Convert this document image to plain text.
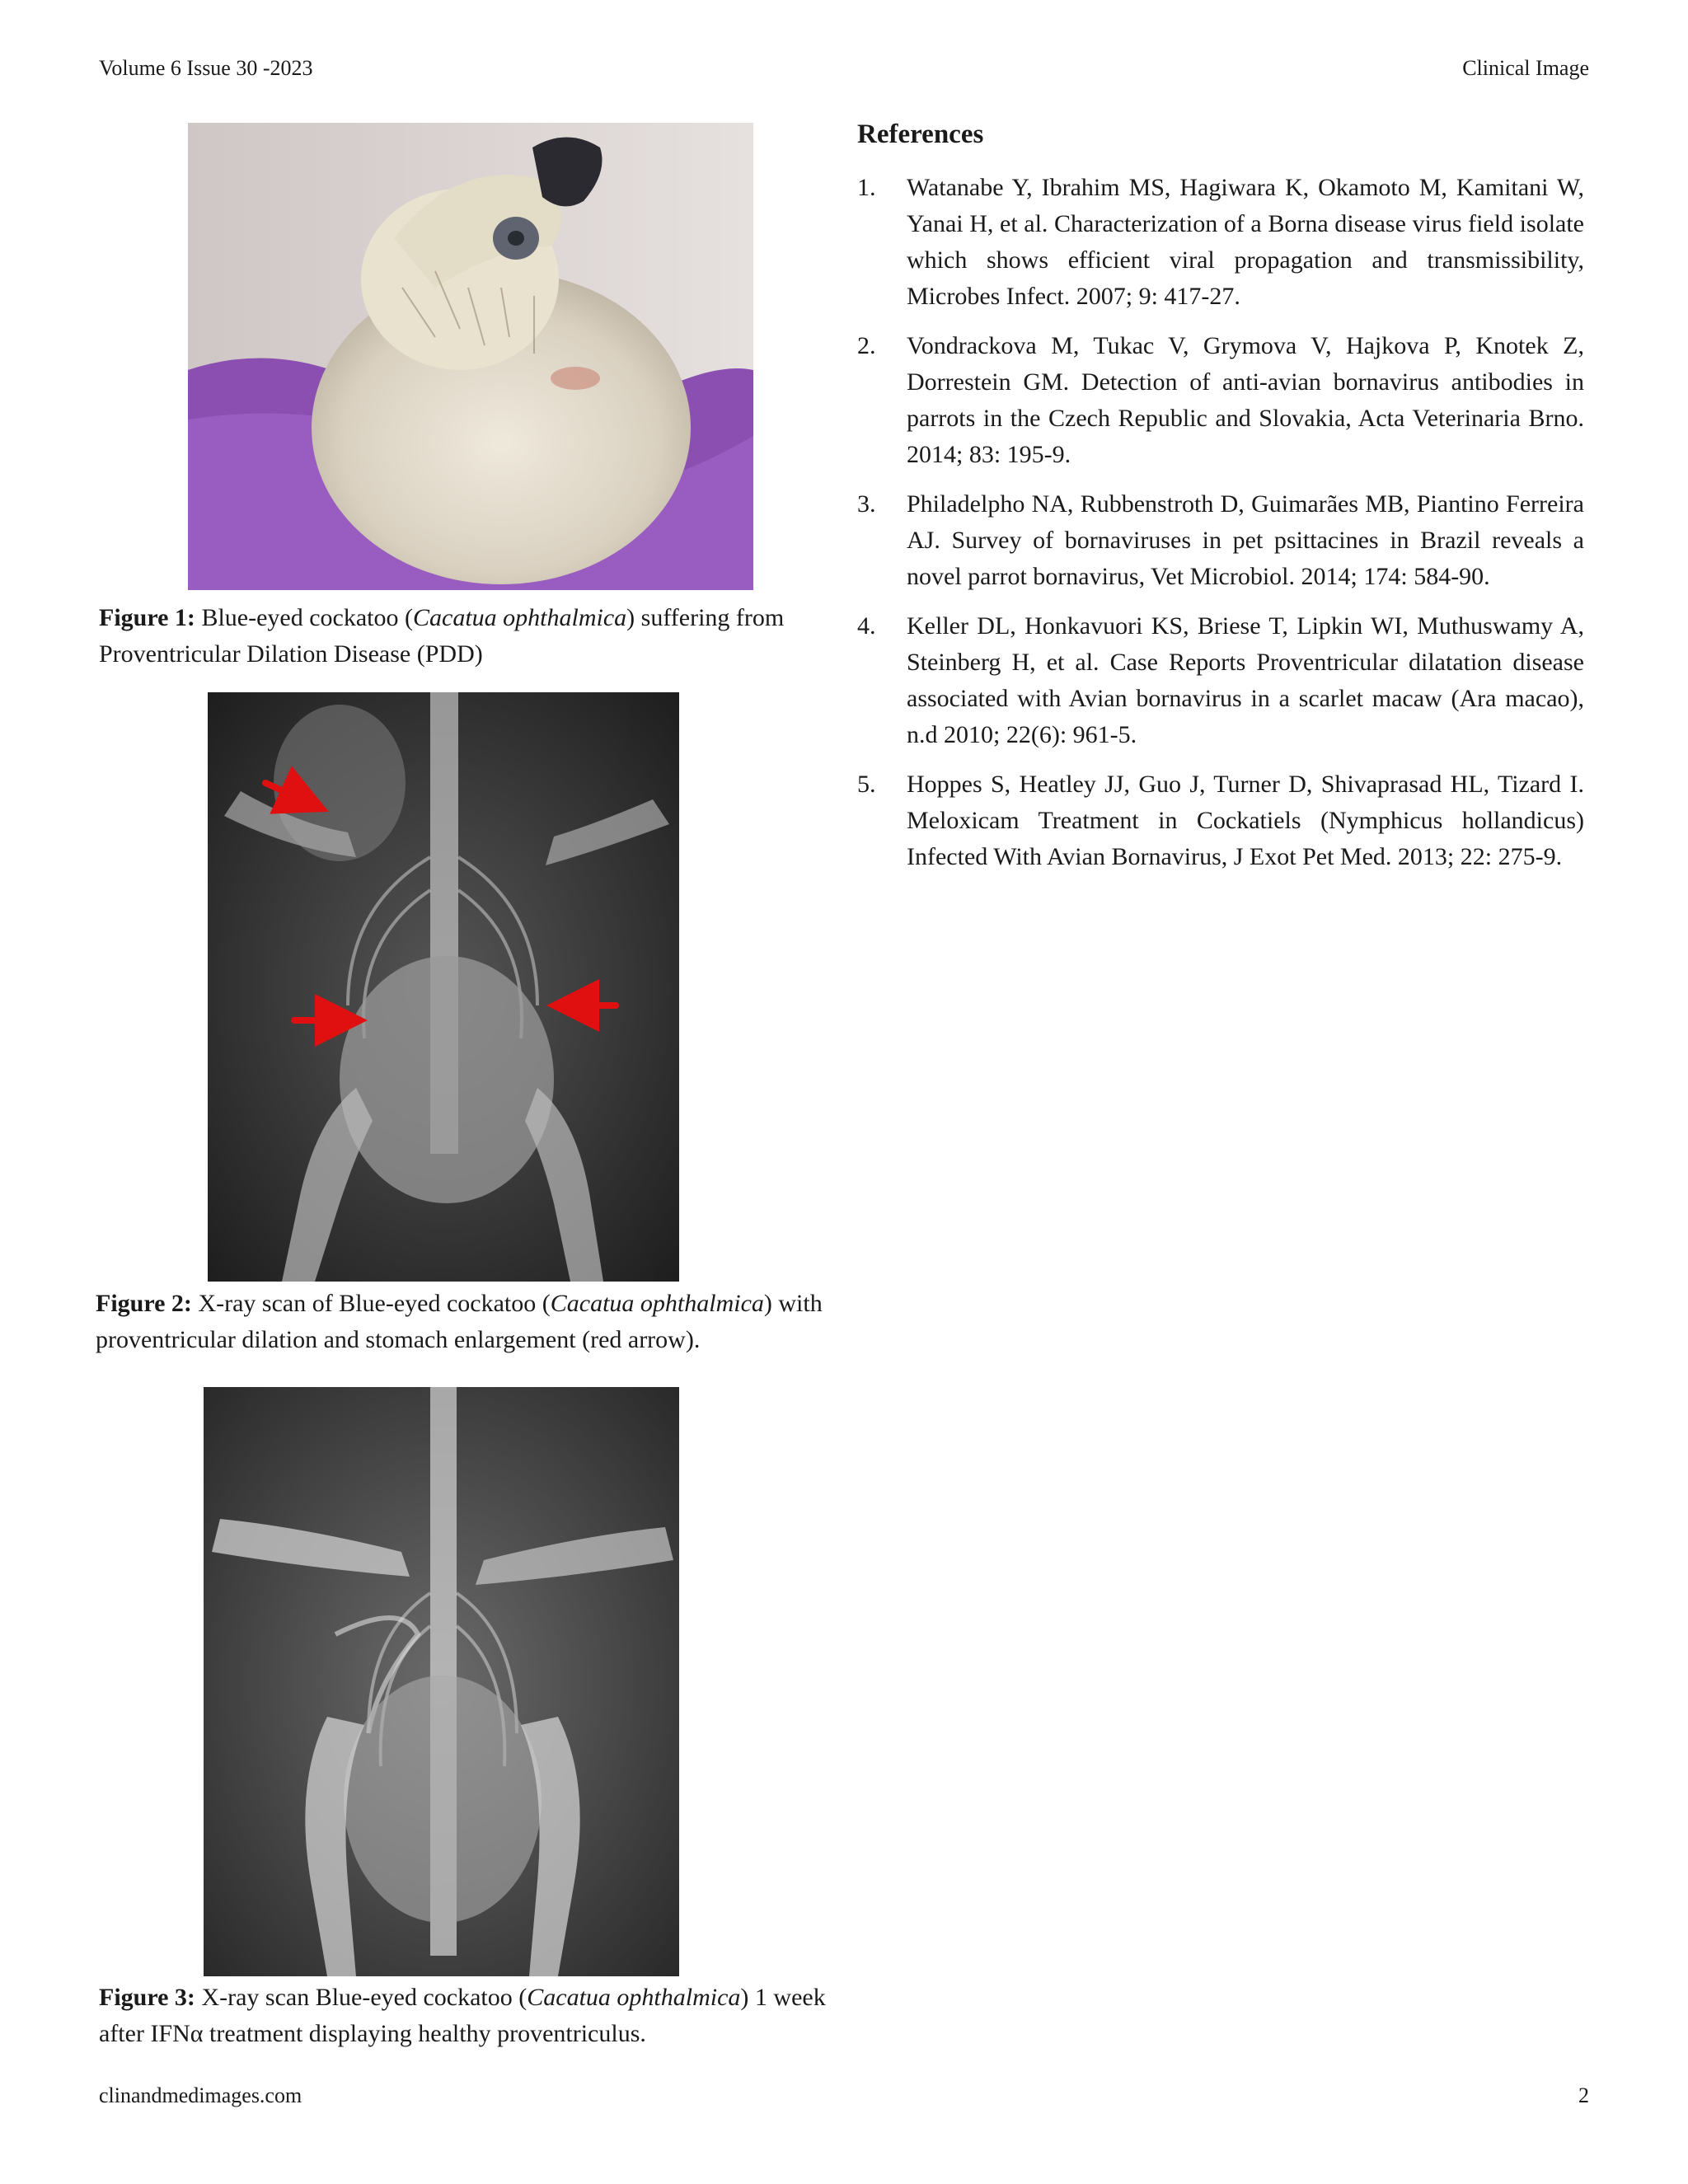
Volume 6 Issue 30 -2023	Clinical Image
Figure 1: Blue-eyed cockatoo (Cacatua ophthalmica) suffering from Proventricular Dilation Disease (PDD)
Figure 2: X-ray scan of Blue-eyed cockatoo (Cacatua ophthalmica) with proventricular dilation and stomach enlargement (red arrow).
Figure 3: X-ray scan Blue-eyed cockatoo (Cacatua ophthalmica) 1 week after IFNα treatment displaying healthy proventriculus.
References
1. Watanabe Y, Ibrahim MS, Hagiwara K, Okamoto M, Kamitani W, Yanai H, et al. Characterization of a Borna disease virus field isolate which shows efficient viral propagation and transmissibility, Microbes Infect. 2007; 9: 417-27.
2. Vondrackova M, Tukac V, Grymova V, Hajkova P, Knotek Z, Dorrestein GM. Detection of anti-avian bornavirus antibodies in parrots in the Czech Republic and Slovakia, Acta Veterinaria Brno. 2014; 83: 195-9.
3. Philadelpho NA, Rubbenstroth D, Guimarães MB, Piantino Ferreira AJ. Survey of bornaviruses in pet psittacines in Brazil reveals a novel parrot bornavirus, Vet Microbiol. 2014; 174: 584-90.
4. Keller DL, Honkavuori KS, Briese T, Lipkin WI, Muthuswamy A, Steinberg H, et al. Case Reports Proventricular dilatation disease associated with Avian bornavirus in a scarlet macaw (Ara macao), n.d 2010; 22(6): 961-5.
5. Hoppes S, Heatley JJ, Guo J, Turner D, Shivaprasad HL, Tizard I. Meloxicam Treatment in Cockatiels (Nymphicus hollandicus) Infected With Avian Bornavirus, J Exot Pet Med. 2013; 22: 275-9.
clinandmedimages.com	2
